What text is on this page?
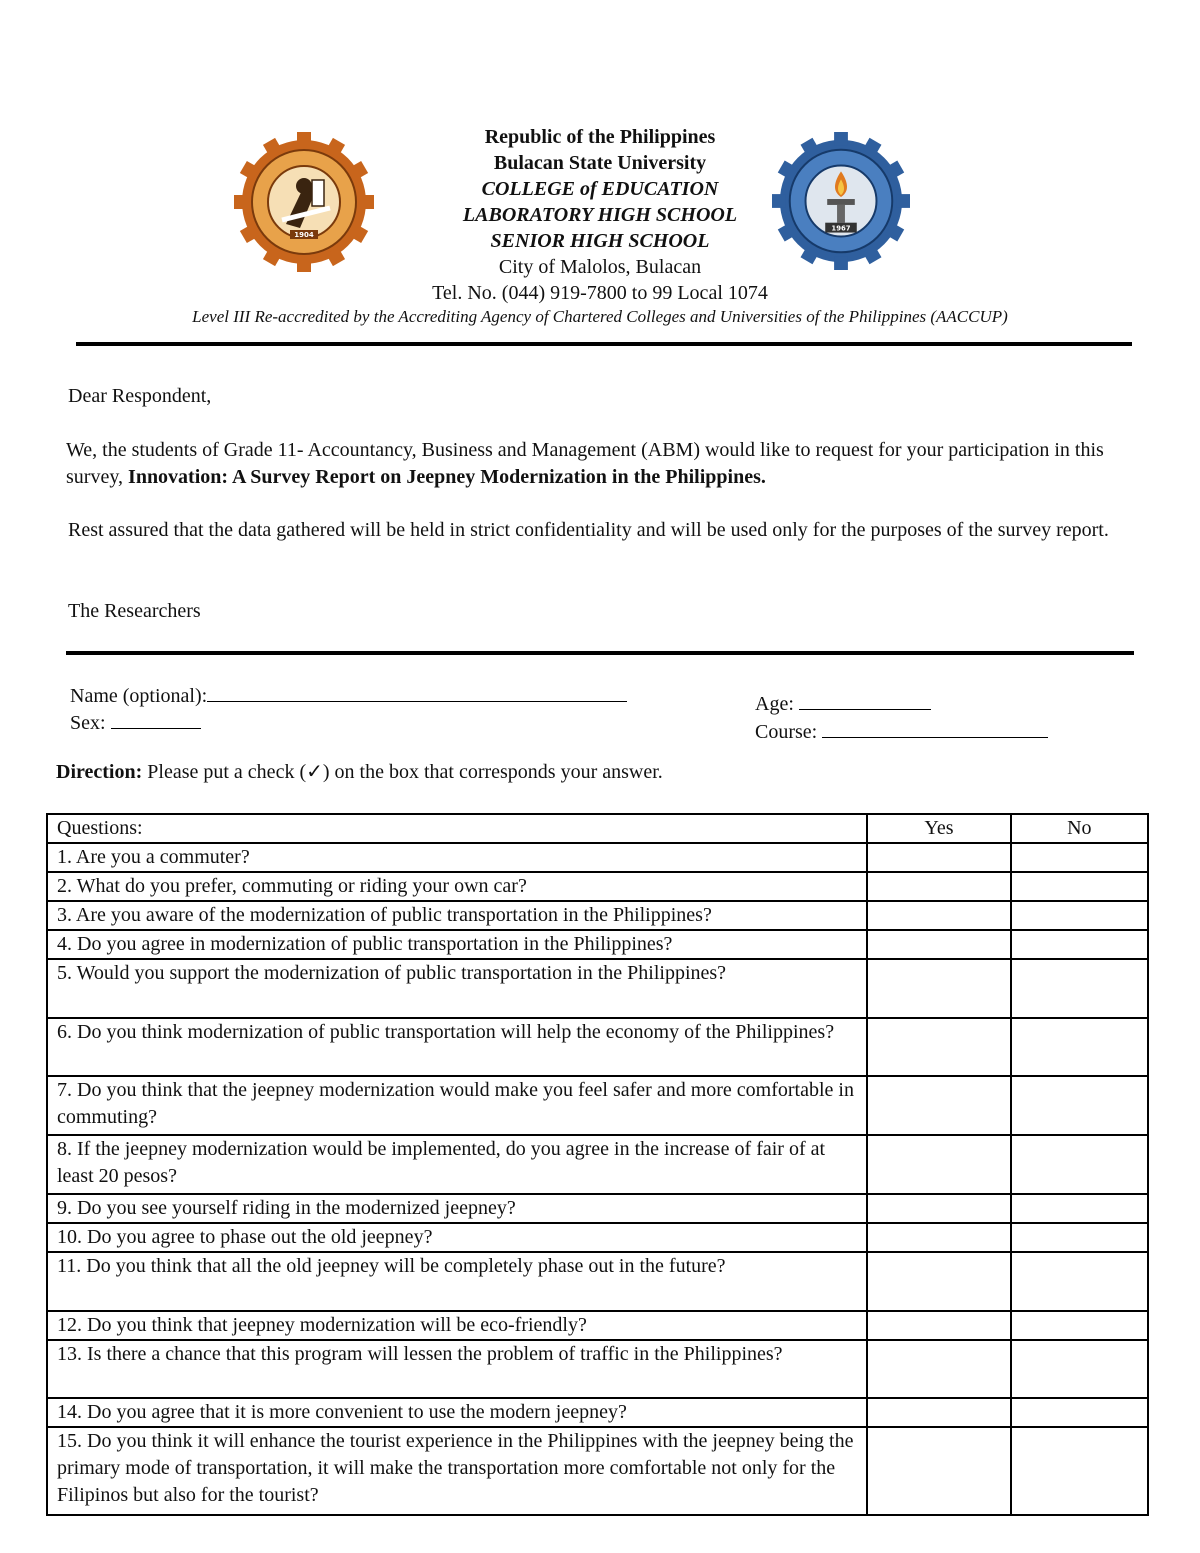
1904
1967
Republic of the Philippines
Bulacan State University
COLLEGE of EDUCATION
LABORATORY HIGH SCHOOL
SENIOR HIGH SCHOOL
City of Malolos, Bulacan
Tel. No. (044) 919-7800 to 99 Local 1074
Level III Re-accredited by the Accrediting Agency of Chartered Colleges and Universities of the Philippines (AACCUP)
Dear Respondent,
We, the students of Grade 11- Accountancy, Business and Management (ABM) would like to request for your participation in this survey, Innovation: A Survey Report on Jeepney Modernization in the Philippines.
Rest assured that the data gathered will be held in strict confidentiality and will be used only for the purposes of the survey report.
The Researchers
Name (optional):
Sex:
Age:
Course:
Direction: Please put a check (✓) on the box that corresponds your answer.
Questions:	Yes	No
1. Are you a commuter?		
2. What do you prefer, commuting or riding your own car?		
3. Are you aware of the modernization of public transportation in the Philippines?		
4. Do you agree in modernization of public transportation in the Philippines?		
5. Would you support the modernization of public transportation in the Philippines?		
6. Do you think modernization of public transportation will help the economy of the Philippines?		
7. Do you think that the jeepney modernization would make you feel safer and more comfortable in commuting?		
8. If the jeepney modernization would be implemented, do you agree in the increase of fair of at least 20 pesos?		
9. Do you see yourself riding in the modernized jeepney?		
10. Do you agree to phase out the old jeepney?		
11. Do you think that all the old jeepney will be completely phase out in the future?		
12. Do you think that jeepney modernization will be eco-friendly?		
13. Is there a chance that this program will lessen the problem of traffic in the Philippines?		
14. Do you agree that it is more convenient to use the modern jeepney?		
15. Do you think it will enhance the tourist experience in the Philippines with the jeepney being the primary mode of transportation, it will make the transportation more comfortable not only for the Filipinos but also for the tourist?		
